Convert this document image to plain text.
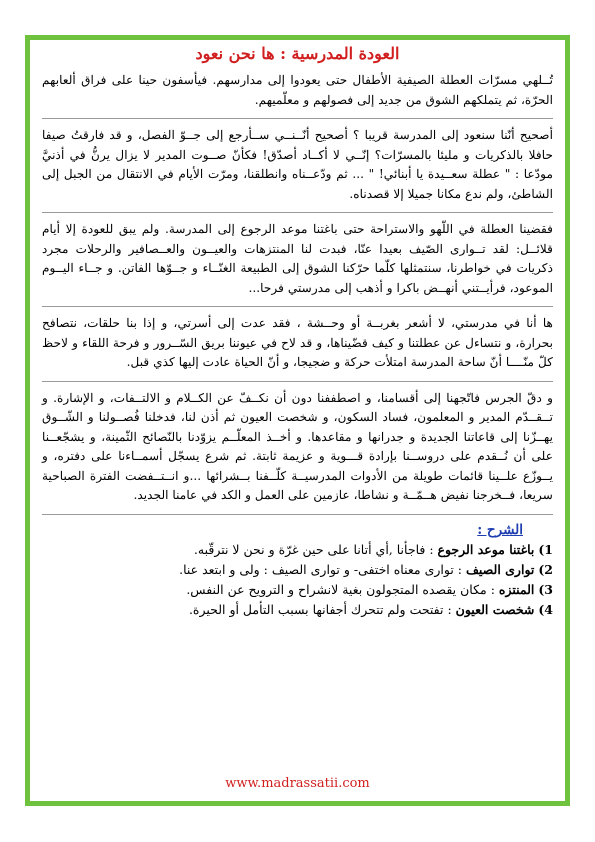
العودة المدرسية : ها نحن نعود

تُــلهي مسرّات العطلة الصيفية الأطفال حتى يعودوا إلى مدارسهم. فيأسفون حينا على فراق ألعابهم الحرّة، ثم يتملكهم الشوق من جديد إلى فصولهم و معلّميهم.

أصحيح أنّنا سنعود إلى المدرسة قريبا ؟ أصحيح أنّــنــي ســأرجع إلى جــوّ الفصل، و قد فارقتُ صيفا حافلا بالذكريات و مليئا بالمسرّات؟ إنّــي لا أكــاد أصدّق! فكأنّ صــوت المدير لا يزال يرنُّ في أذنيَّ مودّعا : " عطلة سعــيدة يا أبنائي! " ... ثم ودّعــناه وانطلقنا، ومرّت الأيام في الانتقال من الجبل إلى الشاطئ، ولم ندع مكانا جميلا إلا قصدناه.

فقضينا العطلة في اللّهو والاستراحة حتى باغتنا موعد الرجوع إلى المدرسة. ولم يبق للعودة إلا أيام قلائــل: لقد تــوارى الصّيف بعيدا عنّا، فبدت لنا المنتزهات والعيــون والعــصافير والرحلات مجرد ذكريات في خواطرنا، سنتمثلها كلّما حرّكنا الشوق إلى الطبيعة الغنّــاء و جــوّها الفاتن. و جــاء اليــوم الموعود، فرأيــتني أنهــض باكرا و أذهب إلى مدرستي فرحا...

ها أنا في مدرستي، لا أشعر بغربــة أو وحــشة ، فقد عدت إلى أسرتي، و إذا بنا حلقات، نتصافح بحرارة، و نتساءل عن عطلتنا و كيف قضّيناها، و قد لاح في عيوننا بريق السّــرور و فرحة اللقاء و لاحظ كلّ منّــــا أنّ ساحة المدرسة امتلأت حركة و ضجيجا، و أنّ الحياة عادت إليها كذي قبل.

و دقّ الجرس فاتّجهنا إلى أقسامنا، و اصطففنا دون أن نكــفّ عن الكــلام و الالتــفات، و الإشارة. و تــقــدّم المدير و المعلمون، فساد السكون، و شخصت العيون ثم أذن لنا، فدخلنا فُصــولنا و الشّــوق يهــزّنا إلى قاعاتنا الجديدة و جدرانها و مقاعدها. و أخــذ المعلّــم يزوّدنا بالنّصائح الثّمينة، و يشجّعــنا على أن نُــقدم على دروســنا بإرادة قـــوية و عزيمة ثابتة. ثم شرع يسجّل أسمــاءنا على دفتره، و يــوزّع علــينا قائمات طويلة من الأدوات المدرسيــة كلّــفنا بــشرائها ...و انــتــفضت الفترة الصباحية سريعا، فــخرجنا نفيض هــمّــة و نشاطا، عازمين على العمل و الكد في عامنا الجديد.

الشرح :

1) باغتنا موعد الرجوع : فاجأنا ,أي أتانا على حين غرّة و نحن لا نترقّبه.

2) توارى الصيف : توارى معناه اختفى- و توارى الصيف : ولى و ابتعد عنا.

3) المنتزه : مكان يقصده المتجولون بغية لانشراح و الترويح عن النفس.

4) شخصت العيون : تفتحت ولم تتحرك أجفانها بسبب التأمل أو الحيرة.

www.madrassatii.com
